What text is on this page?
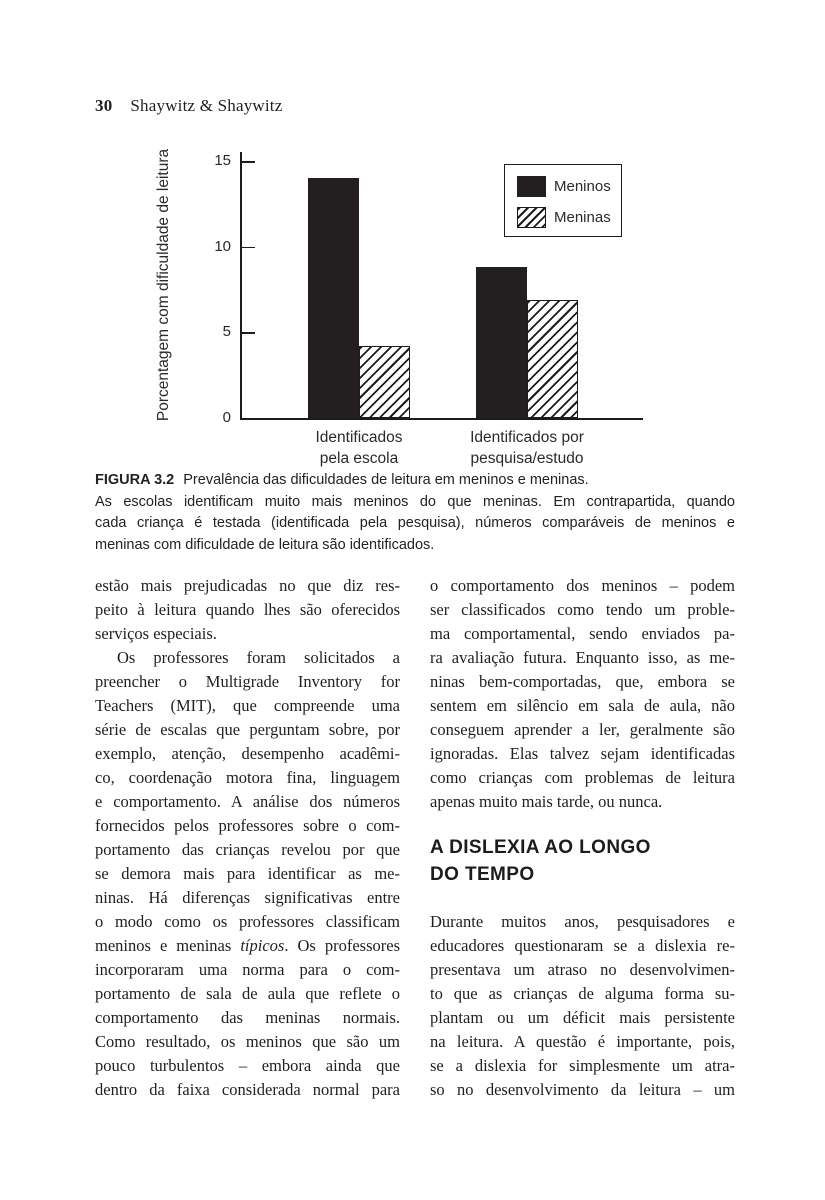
30 Shaywitz & Shaywitz
Porcentagem com dificuldade de leitura	15
10
5
0
Identificados
pela escola
Identificados por
pesquisa/estudo
Meninos
Meninas
FIGURA 3.2 Prevalência das dificuldades de leitura em meninos e meninas.
As escolas identificam muito mais meninos do que meninas. Em contrapartida, quando
cada criança é testada (identificada pela pesquisa), números comparáveis de meninos e
meninas com dificuldade de leitura são identificados.
estão mais prejudicadas no que diz res-
peito à leitura quando lhes são oferecidos
serviços especiais.
Os professores foram solicitados a
preencher o Multigrade Inventory for
Teachers (MIT), que compreende uma
série de escalas que perguntam sobre, por
exemplo, atenção, desempenho acadêmi-
co, coordenação motora fina, linguagem
e comportamento. A análise dos números
fornecidos pelos professores sobre o com-
portamento das crianças revelou por que
se demora mais para identificar as me-
ninas. Há diferenças significativas entre
o modo como os professores classificam
meninos e meninas típicos. Os professores
incorporaram uma norma para o com-
portamento de sala de aula que reflete o
comportamento das meninas normais.
Como resultado, os meninos que são um
pouco turbulentos – embora ainda que
dentro da faixa considerada normal para
o comportamento dos meninos – podem
ser classificados como tendo um proble-
ma comportamental, sendo enviados pa-
ra avaliação futura. Enquanto isso, as me-
ninas bem-comportadas, que, embora se
sentem em silêncio em sala de aula, não
conseguem aprender a ler, geralmente são
ignoradas. Elas talvez sejam identificadas
como crianças com problemas de leitura
apenas muito mais tarde, ou nunca.
A DISLEXIA AO LONGO
DO TEMPO
Durante muitos anos, pesquisadores e
educadores questionaram se a dislexia re-
presentava um atraso no desenvolvimen-
to que as crianças de alguma forma su-
plantam ou um déficit mais persistente
na leitura. A questão é importante, pois,
se a dislexia for simplesmente um atra-
so no desenvolvimento da leitura – um
